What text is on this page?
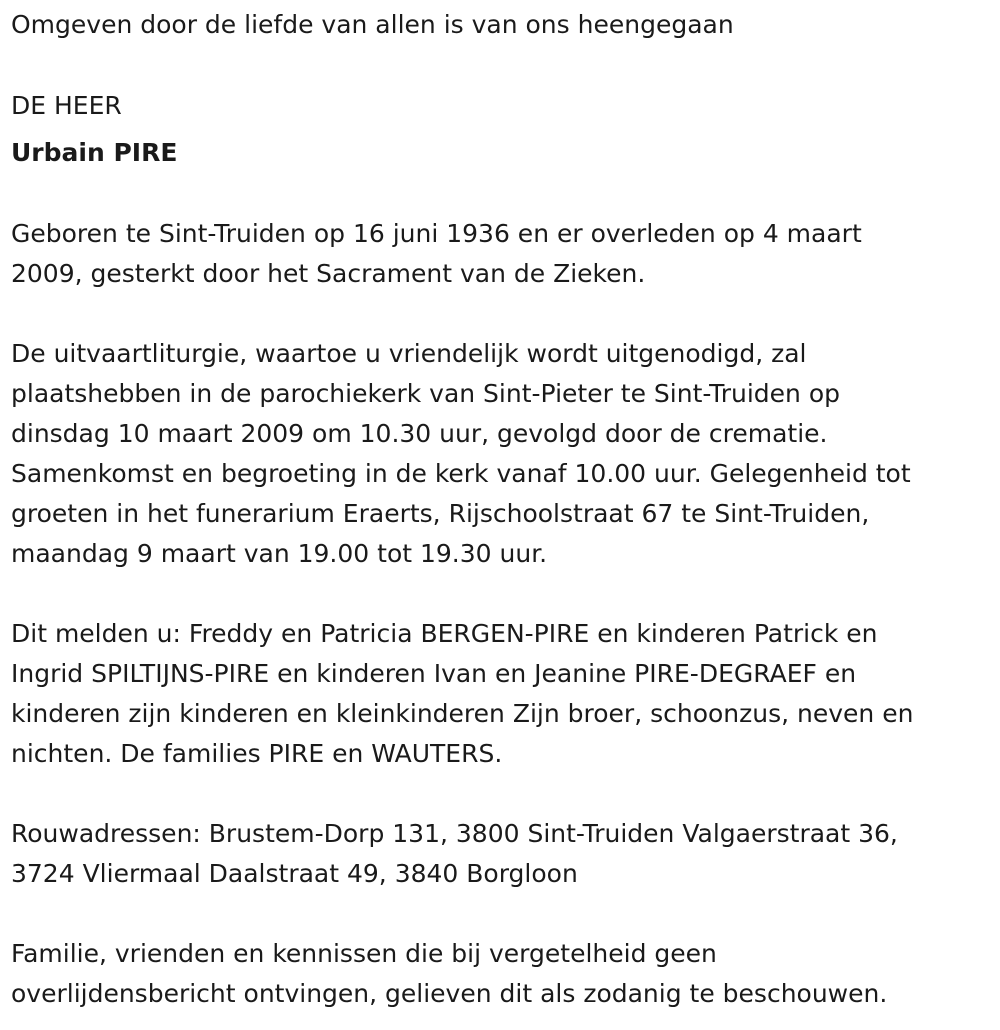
Omgeven door de liefde van allen is van ons heengegaan
DE HEER
Urbain PIRE
Geboren te Sint-Truiden op 16 juni 1936 en er overleden op 4 maart
2009, gesterkt door het Sacrament van de Zieken.
De uitvaartliturgie, waartoe u vriendelijk wordt uitgenodigd, zal
plaatshebben in de parochiekerk van Sint-Pieter te Sint-Truiden op
dinsdag 10 maart 2009 om 10.30 uur, gevolgd door de crematie.
Samenkomst en begroeting in de kerk vanaf 10.00 uur. Gelegenheid tot
groeten in het funerarium Eraerts, Rijschoolstraat 67 te Sint-Truiden,
maandag 9 maart van 19.00 tot 19.30 uur.
Dit melden u: Freddy en Patricia BERGEN-PIRE en kinderen Patrick en
Ingrid SPILTIJNS-PIRE en kinderen Ivan en Jeanine PIRE-DEGRAEF en
kinderen zijn kinderen en kleinkinderen Zijn broer, schoonzus, neven en
nichten. De families PIRE en WAUTERS.
Rouwadressen: Brustem-Dorp 131, 3800 Sint-Truiden Valgaerstraat 36,
3724 Vliermaal Daalstraat 49, 3840 Borgloon
Familie, vrienden en kennissen die bij vergetelheid geen
overlijdensbericht ontvingen, gelieven dit als zodanig te beschouwen.
